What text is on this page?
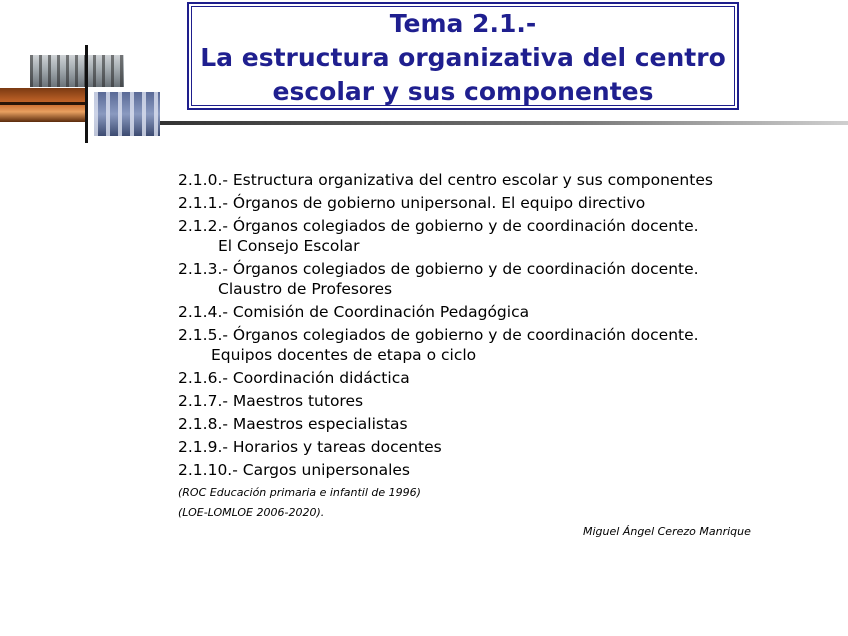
Tema 2.1.-
La estructura organizativa del centro
escolar y sus componentes
2.1.0.- Estructura organizativa del centro escolar y sus componentes
2.1.1.- Órganos de gobierno unipersonal. El equipo directivo
2.1.2.- Órganos colegiados de gobierno y de coordinación docente.
El Consejo Escolar
2.1.3.- Órganos colegiados de gobierno y de coordinación docente.
Claustro de Profesores
2.1.4.- Comisión de Coordinación Pedagógica
2.1.5.- Órganos colegiados de gobierno y de coordinación docente.
Equipos docentes de etapa o ciclo
2.1.6.- Coordinación didáctica
2.1.7.- Maestros tutores
2.1.8.- Maestros especialistas
2.1.9.- Horarios y tareas docentes
2.1.10.- Cargos unipersonales
(ROC Educación primaria e infantil de 1996)
(LOE-LOMLOE 2006-2020).
Miguel Ángel Cerezo Manrique
